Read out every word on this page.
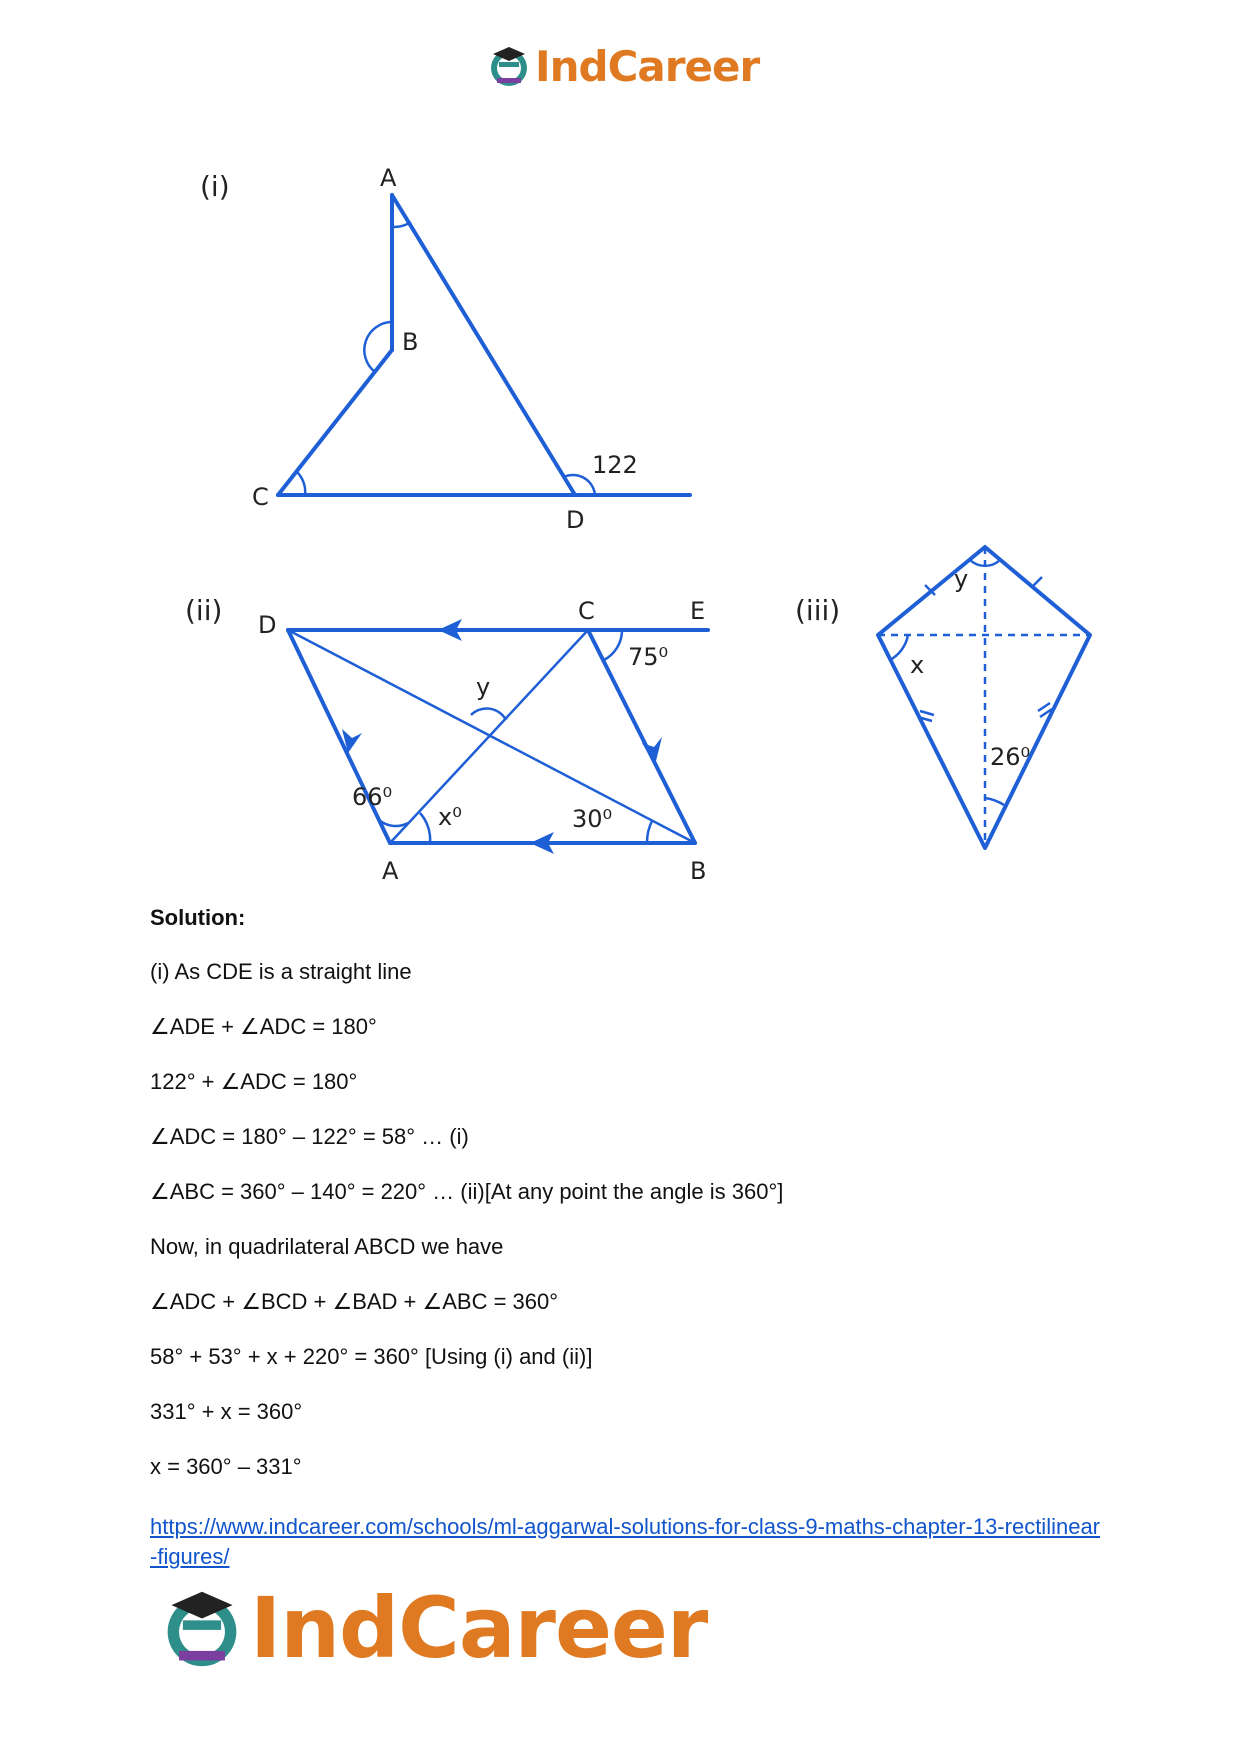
IndCareer
(i)	A
B
C
D
122
(ii) D	C	E
A	B
75⁰
y
66⁰
x⁰	30⁰
(iii)
y
x
26⁰
Solution:
(i) As CDE is a straight line
∠ADE + ∠ADC = 180°
122° + ∠ADC = 180°
∠ADC = 180° – 122° = 58° … (i)
∠ABC = 360° – 140° = 220° … (ii)[At any point the angle is 360°]
Now, in quadrilateral ABCD we have
∠ADC + ∠BCD + ∠BAD + ∠ABC = 360°
58° + 53° + x + 220° = 360° [Using (i) and (ii)]
331° + x = 360°
x = 360° – 331°
https://www.indcareer.com/schools/ml-aggarwal-solutions-for-class-9-maths-chapter-13-rectilinear-figures/
IndCareer
